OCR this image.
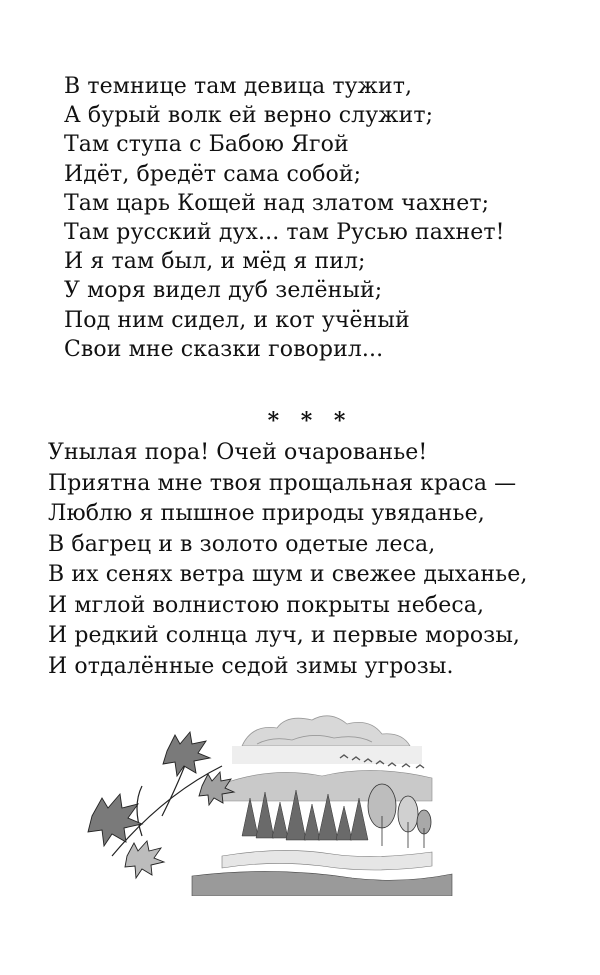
В темнице там девица тужит,
А бурый волк ей верно служит;
Там ступа с Бабою Ягой
Идёт, бредёт сама собой;
Там царь Кощей над златом чахнет;
Там русский дух... там Русью пахнет!
И я там был, и мёд я пил;
У моря видел дуб зелёный;
Под ним сидел, и кот учёный
Свои мне сказки говорил...
* * *
Унылая пора! Очей очарованье!
Приятна мне твоя прощальная краса —
Люблю я пышное природы увяданье,
В багрец и в золото одетые леса,
В их сенях ветра шум и свежее дыханье,
И мглой волнистою покрыты небеса,
И редкий солнца луч, и первые морозы,
И отдалённые седой зимы угрозы.
